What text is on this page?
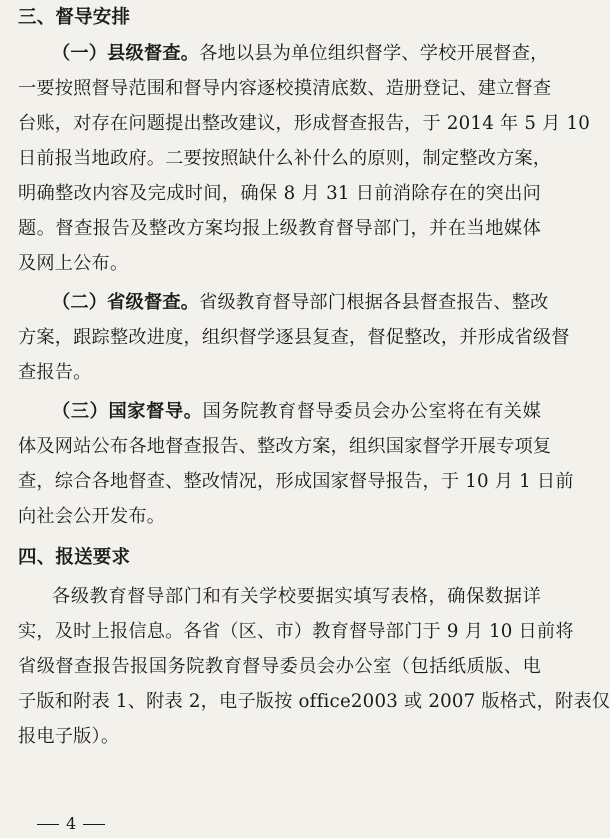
三、督导安排
（一）县级督查。各地以县为单位组织督学、学校开展督查，
一要按照督导范围和督导内容逐校摸清底数、造册登记、建立督查
台账，对存在问题提出整改建议，形成督查报告，于 2014 年 5 月 10
日前报当地政府。二要按照缺什么补什么的原则，制定整改方案，
明确整改内容及完成时间，确保 8 月 31 日前消除存在的突出问
题。督查报告及整改方案均报上级教育督导部门，并在当地媒体
及网上公布。
（二）省级督查。省级教育督导部门根据各县督查报告、整改
方案，跟踪整改进度，组织督学逐县复查，督促整改，并形成省级督
查报告。
（三）国家督导。国务院教育督导委员会办公室将在有关媒
体及网站公布各地督查报告、整改方案，组织国家督学开展专项复
查，综合各地督查、整改情况，形成国家督导报告，于 10 月 1 日前
向社会公开发布。
四、报送要求
各级教育督导部门和有关学校要据实填写表格，确保数据详
实，及时上报信息。各省（区、市）教育督导部门于 9 月 10 日前将
省级督查报告报国务院教育督导委员会办公室（包括纸质版、电
子版和附表 1、附表 2，电子版按 office2003 或 2007 版格式，附表仅
报电子版）。
4
